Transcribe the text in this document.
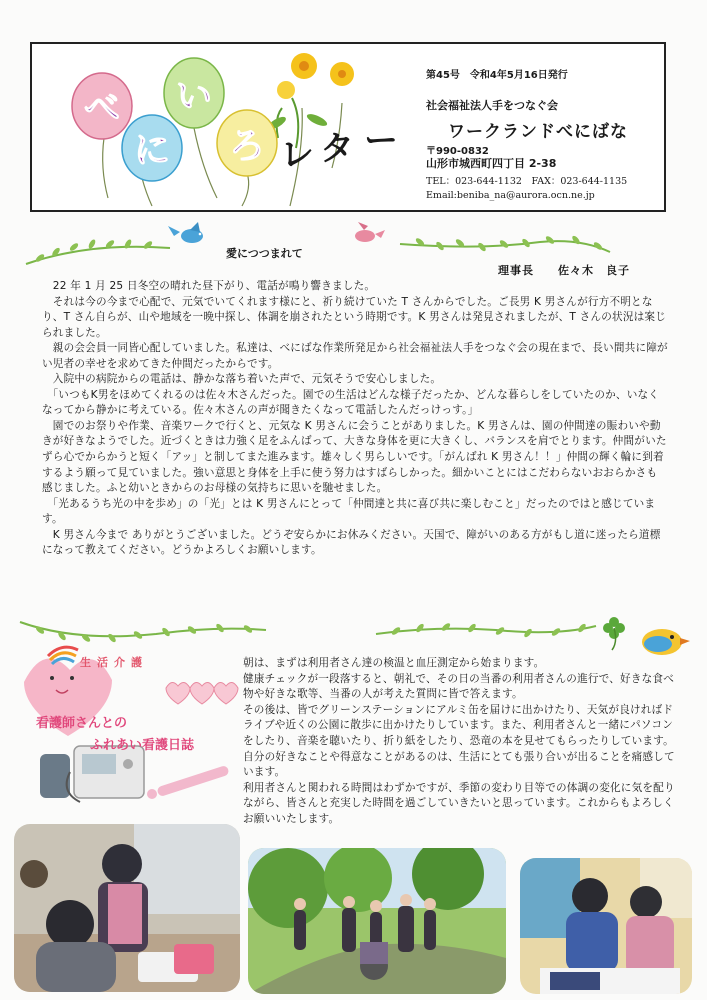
べ
に
い
ろ レ タ ー
第45号　令和4年5月16日発行
社会福祉法人手をつなぐ会
ワークランドべにばな
〒990-0832
山形市城西町四丁目 2-38
TEL：023-644-1132　FAX：023-644-1135
Email:beniba_na@aurora.ocn.ne.jp
愛につつまれて
理事長　　佐々木　良子

　22 年 1 月 25 日冬空の晴れた昼下がり、電話が鳴り響きました。

　それは今の今まで心配で、元気でいてくれます様にと、祈り続けていた T さんからでした。ご長男 K 男さんが行方不明となり、T さん自らが、山や地域を一晩中探し、体調を崩されたという時期です。K 男さんは発見されましたが、T さんの状況は案じられました。

　親の会会員一同皆心配していました。私達は、べにばな作業所発足から社会福祉法人手をつなぐ会の現在まで、長い間共に障がい児者の幸せを求めてきた仲間だったからです。

　入院中の病院からの電話は、静かな落ち着いた声で、元気そうで安心しました。

　「いつもK男をほめてくれるのは佐々木さんだった。園での生活はどんな様子だったか、どんな暮らしをしていたのか、いなくなってから静かに考えている。佐々木さんの声が聞きたくなって電話したんだっけっす。」

　園でのお祭りや作業、音楽ワークで行くと、元気な K 男さんに会うことがありました。K 男さんは、園の仲間達の賑わいや動きが好きなようでした。近づくときは力強く足をふんばって、大きな身体を更に大きくし、バランスを肩でとります。仲間がいたずら心でからかうと短く「アッ」と制してまた進みます。雄々しく男らしいです。「がんばれ K 男さん！！」仲間の輝く輪に到着するよう願って見ていました。強い意思と身体を上手に使う努力はすばらしかった。細かいことにはこだわらないおおらかさも感じました。ふと幼いときからのお母様の気持ちに思いを馳せました。

　「光あるうち光の中を歩め」の「光」とは K 男さんにとって「仲間達と共に喜び共に楽しむこと」だったのではと感じています。

　K 男さん今まで ありがとうございました。どうぞ安らかにお休みください。天国で、障がいのある方がもし道に迷ったら道標になって教えてください。どうかよろしくお願いします。

生活介護
看護師さんとの
ふれあい看護日誌

朝は、まずは利用者さん達の検温と血圧測定から始まります。

健康チェックが一段落すると、朝礼で、その日の当番の利用者さんの進行で、好きな食べ物や好きな歌等、当番の人が考えた質問に皆で答えます。

その後は、皆でグリーンステーションにアルミ缶を届けに出かけたり、天気が良ければドライブや近くの公園に散歩に出かけたりしています。また、利用者さんと一緒にパソコンをしたり、音楽を聴いたり、折り紙をしたり、恐竜の本を見せてもらったりしています。自分の好きなことや得意なことがあるのは、生活にとても張り合いが出ることを痛感しています。

利用者さんと関われる時間はわずかですが、季節の変わり目等での体調の変化に気を配りながら、皆さんと充実した時間を過ごしていきたいと思っています。これからもよろしくお願いいたします。
